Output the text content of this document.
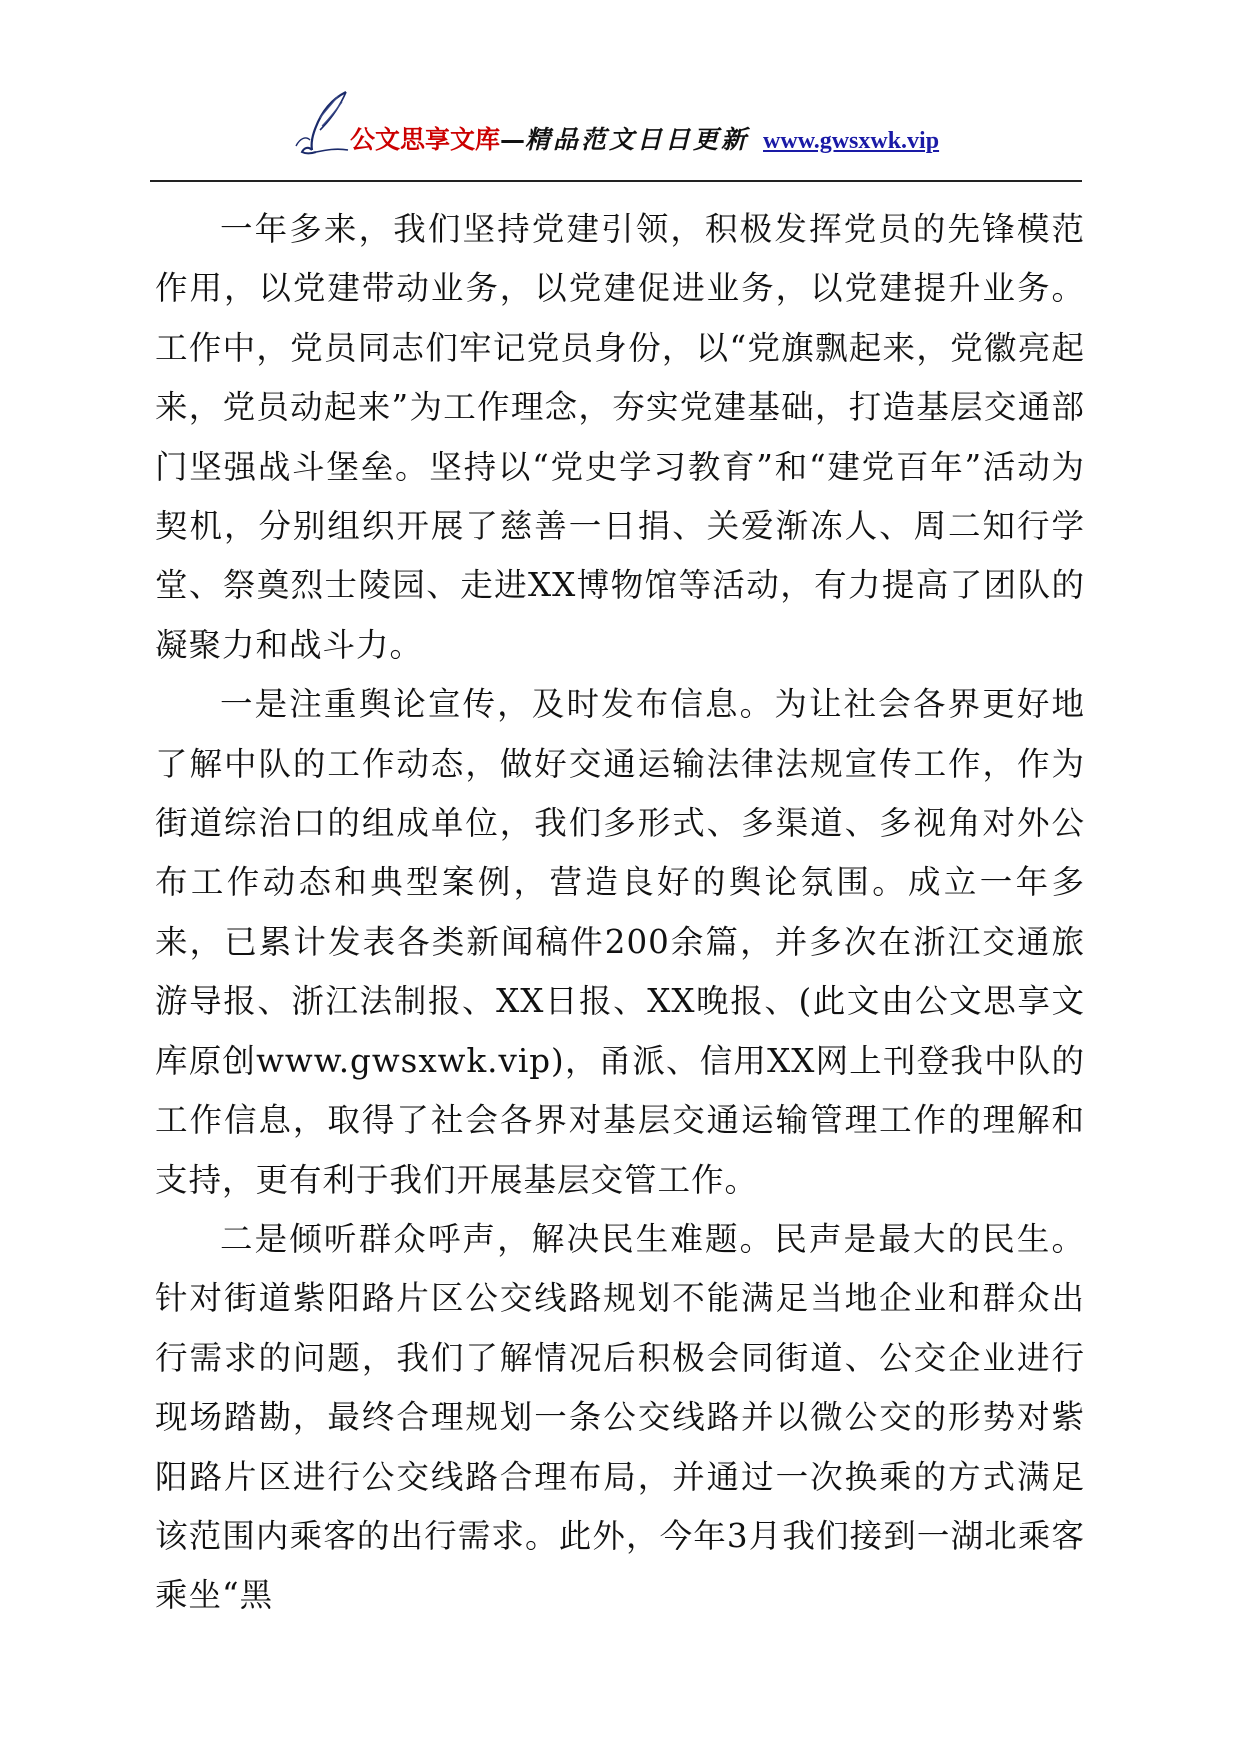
公文思享文库 — 精品范文日日更新 www.gwsxwk.vip

一年多来，我们坚持党建引领，积极发挥党员的先锋模范作用，以党建带动业务，以党建促进业务，以党建提升业务。工作中，党员同志们牢记党员身份，以“党旗飘起来，党徽亮起来，党员动起来”为工作理念，夯实党建基础，打造基层交通部门坚强战斗堡垒。坚持以“党史学习教育”和“建党百年”活动为契机，分别组织开展了慈善一日捐、关爱渐冻人、周二知行学堂、祭奠烈士陵园、走进XX博物馆等活动，有力提高了团队的凝聚力和战斗力。

一是注重舆论宣传，及时发布信息。为让社会各界更好地了解中队的工作动态，做好交通运输法律法规宣传工作，作为街道综治口的组成单位，我们多形式、多渠道、多视角对外公布工作动态和典型案例，营造良好的舆论氛围。成立一年多来，已累计发表各类新闻稿件200余篇，并多次在浙江交通旅游导报、浙江法制报、XX日报、XX晚报、(此文由公文思享文库原创www.gwsxwk.vip)，甬派、信用XX网上刊登我中队的工作信息，取得了社会各界对基层交通运输管理工作的理解和支持，更有利于我们开展基层交管工作。

二是倾听群众呼声，解决民生难题。民声是最大的民生。针对街道紫阳路片区公交线路规划不能满足当地企业和群众出行需求的问题，我们了解情况后积极会同街道、公交企业进行现场踏勘，最终合理规划一条公交线路并以微公交的形势对紫阳路片区进行公交线路合理布局，并通过一次换乘的方式满足该范围内乘客的出行需求。此外，今年3月我们接到一湖北乘客乘坐“黑
